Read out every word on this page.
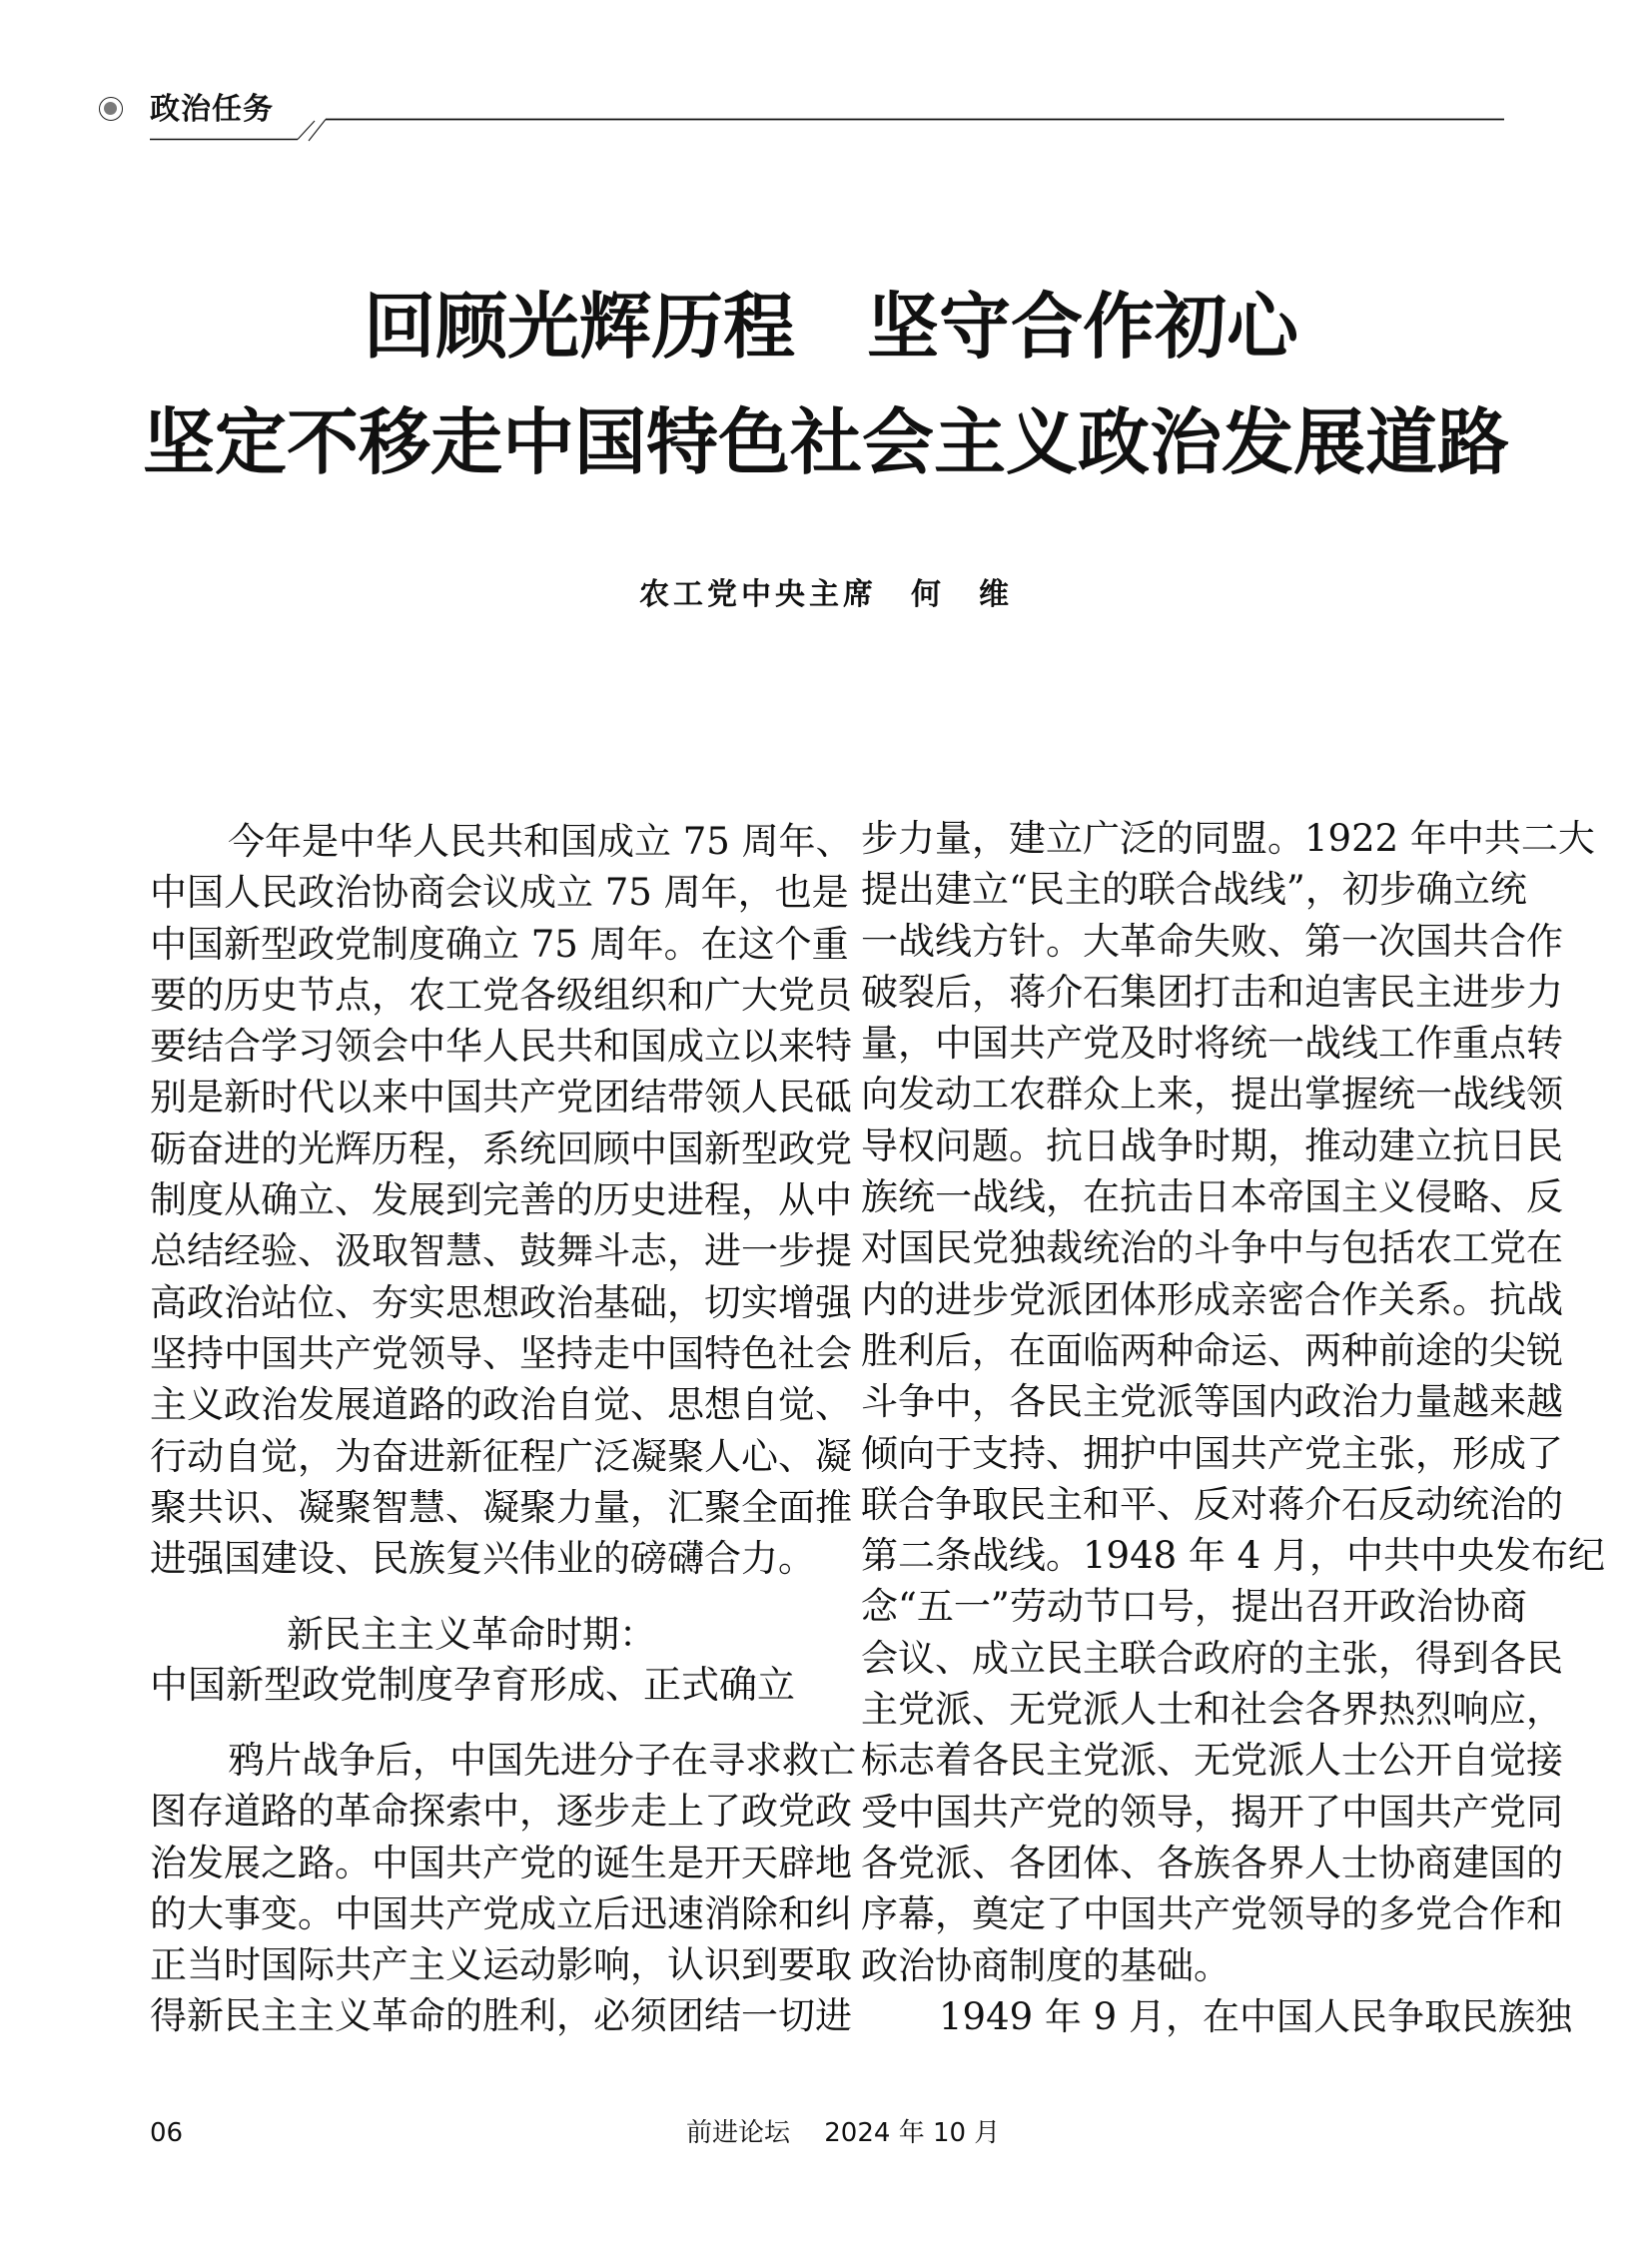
政治任务
回顾光辉历程　坚守合作初心
坚定不移走中国特色社会主义政治发展道路
农工党中央主席　何　维
今年是中华人民共和国成立 75 周年、
中国人民政治协商会议成立 75 周年，也是
中国新型政党制度确立 75 周年。在这个重
要的历史节点，农工党各级组织和广大党员
要结合学习领会中华人民共和国成立以来特
别是新时代以来中国共产党团结带领人民砥
砺奋进的光辉历程，系统回顾中国新型政党
制度从确立、发展到完善的历史进程，从中
总结经验、汲取智慧、鼓舞斗志，进一步提
高政治站位、夯实思想政治基础，切实增强
坚持中国共产党领导、坚持走中国特色社会
主义政治发展道路的政治自觉、思想自觉、
行动自觉，为奋进新征程广泛凝聚人心、凝
聚共识、凝聚智慧、凝聚力量，汇聚全面推
进强国建设、民族复兴伟业的磅礴合力。
新民主主义革命时期：
中国新型政党制度孕育形成、正式确立
鸦片战争后，中国先进分子在寻求救亡
图存道路的革命探索中，逐步走上了政党政
治发展之路。中国共产党的诞生是开天辟地
的大事变。中国共产党成立后迅速消除和纠
正当时国际共产主义运动影响，认识到要取
得新民主主义革命的胜利，必须团结一切进
步力量，建立广泛的同盟。1922 年中共二大
提出建立“民主的联合战线”，初步确立统
一战线方针。大革命失败、第一次国共合作
破裂后，蒋介石集团打击和迫害民主进步力
量，中国共产党及时将统一战线工作重点转
向发动工农群众上来，提出掌握统一战线领
导权问题。抗日战争时期，推动建立抗日民
族统一战线，在抗击日本帝国主义侵略、反
对国民党独裁统治的斗争中与包括农工党在
内的进步党派团体形成亲密合作关系。抗战
胜利后，在面临两种命运、两种前途的尖锐
斗争中，各民主党派等国内政治力量越来越
倾向于支持、拥护中国共产党主张，形成了
联合争取民主和平、反对蒋介石反动统治的
第二条战线。1948 年 4 月，中共中央发布纪
念“五一”劳动节口号，提出召开政治协商
会议、成立民主联合政府的主张，得到各民
主党派、无党派人士和社会各界热烈响应，
标志着各民主党派、无党派人士公开自觉接
受中国共产党的领导，揭开了中国共产党同
各党派、各团体、各族各界人士协商建国的
序幕，奠定了中国共产党领导的多党合作和
政治协商制度的基础。
1949 年 9 月，在中国人民争取民族独
06	前进论坛　 2024 年 10 月
